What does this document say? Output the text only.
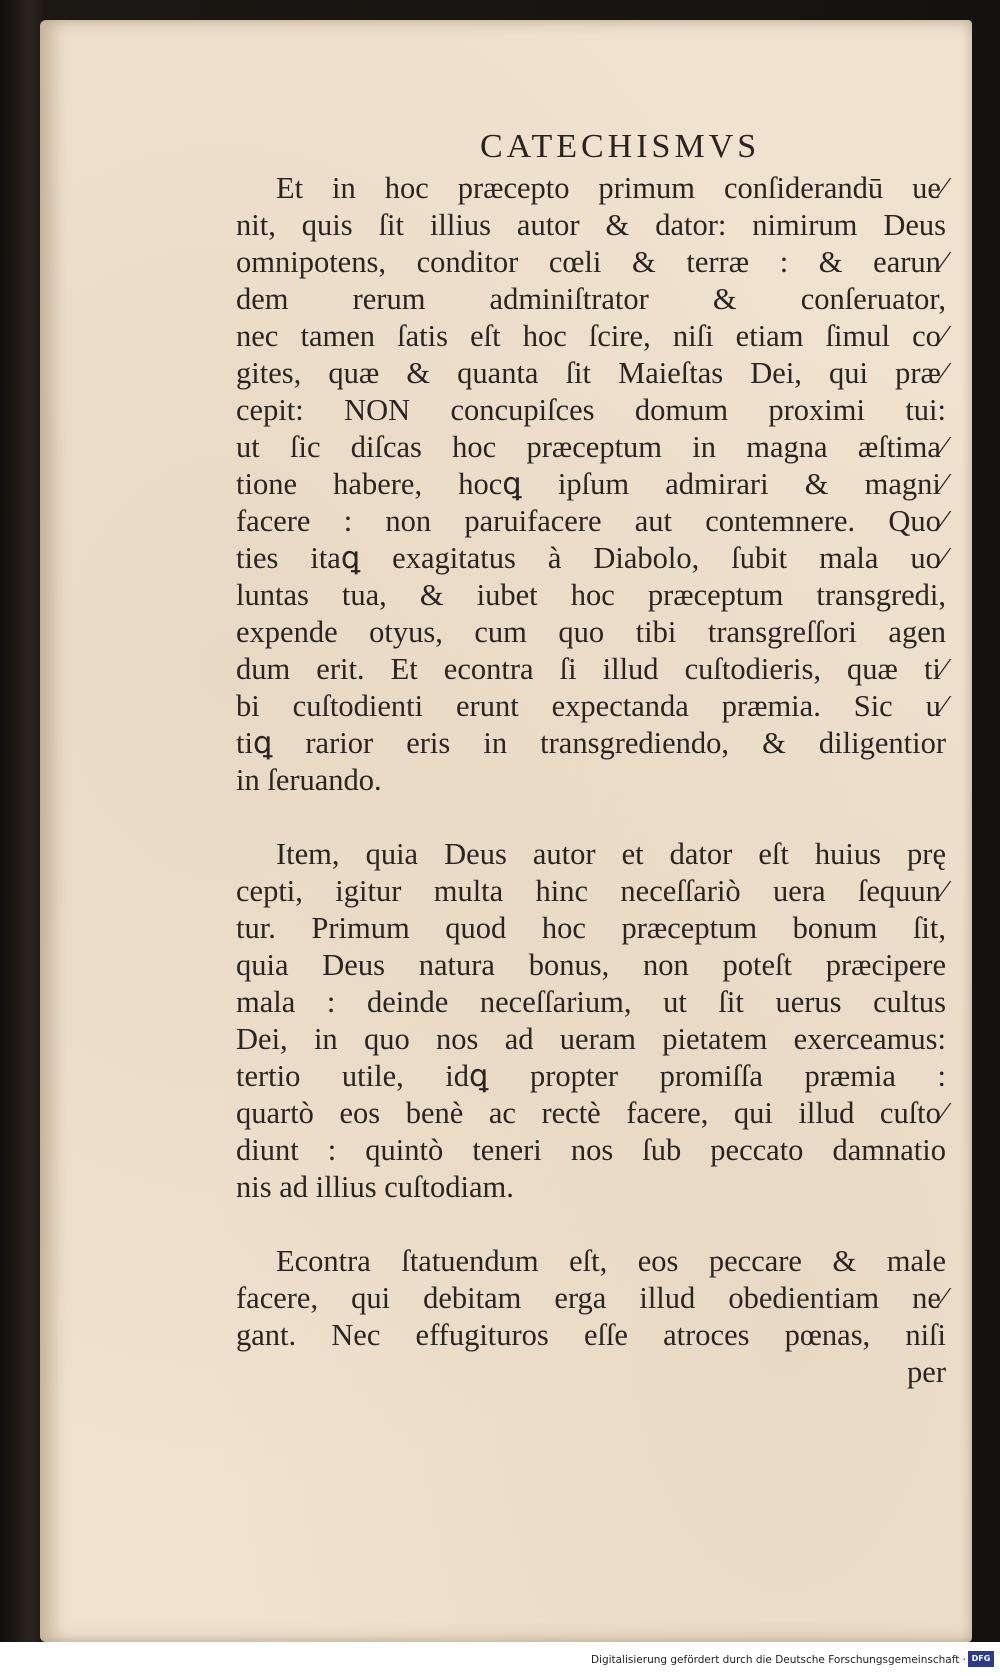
CATECHISMVS
Et in hoc præcepto primum conſiderandū ue⁄
nit, quis ſit illius autor & dator: nimirum Deus
omnipotens, conditor cœli & terræ : & earun⁄
dem rerum adminiſtrator & conſeruator,
nec tamen ſatis eſt hoc ſcire, niſi etiam ſimul co⁄
gites, quæ & quanta ſit Maieſtas Dei, qui præ⁄
cepit: NON concupiſces domum proximi tui:
ut ſic diſcas hoc præceptum in magna æſtima⁄
tione habere, hocꝗ ipſum admirari & magni⁄
facere : non paruifacere aut contemnere. Quo⁄
ties itaꝗ exagitatus à Diabolo, ſubit mala uo⁄
luntas tua, & iubet hoc præceptum transgredi,
expende otyus, cum quo tibi transgreſſori agen
dum erit. Et econtra ſi illud cuſtodieris, quæ ti⁄
bi cuſtodienti erunt expectanda præmia. Sic u⁄
tiꝗ rarior eris in transgrediendo, & diligentior
in ſeruando.
Item, quia Deus autor et dator eſt huius prę
cepti, igitur multa hinc neceſſariò uera ſequun⁄
tur. Primum quod hoc præceptum bonum ſit,
quia Deus natura bonus, non poteſt præcipere
mala : deinde neceſſarium, ut ſit uerus cultus
Dei, in quo nos ad ueram pietatem exerceamus:
tertio utile, idꝗ propter promiſſa præmia :
quartò eos benè ac rectè facere, qui illud cuſto⁄
diunt : quintò teneri nos ſub peccato damnatio
nis ad illius cuſtodiam.
Econtra ſtatuendum eſt, eos peccare & male
facere, qui debitam erga illud obedientiam ne⁄
gant. Nec effugituros eſſe atroces pœnas, niſi
per
Digitalisierung gefördert durch die Deutsche Forschungsgemeinschaft · DFG
